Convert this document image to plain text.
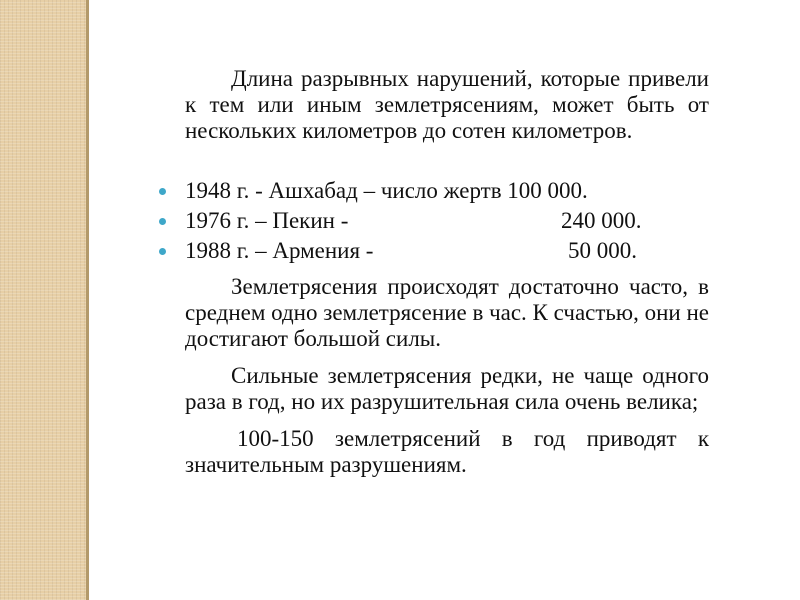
Длина разрывных нарушений, которые привели к тем или иным землетрясениям, может быть от нескольких километров до сотен километров.

1948 г. - Ашхабад – число жертв 100 000.
1976 г. – Пекин -	240 000.
1988 г. – Армения -	50 000.

Землетрясения происходят достаточно часто, в среднем одно землетрясение в час. К счастью, они не достигают большой силы.

Сильные землетрясения редки, не чаще одного раза в год, но их разрушительная сила очень велика;

100-150 землетрясений в год приводят к значительным разрушениям.
